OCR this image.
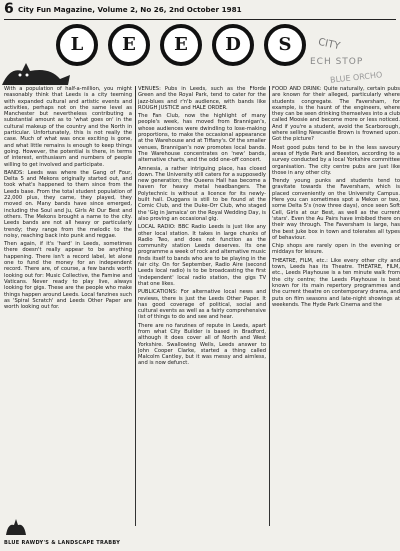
6 City Fun Magazine, Volume 2, No 26, 2nd October 1981
L	E	E	D	S	CITY
ECH STOP
BLUE ORCHO

With a population of half-a-million, you might reasonably think that Leeds is a city teeming with expanded cultural and artistic events and activities, perhaps not on the same level as Manchester but nevertheless contributing a substantial amount as to 'what goes on' in the cultural makeup of the country and the North in particular. Unfortunately, this is not really the case. Much of what was once exciting is gone, and what little remains is enough to keep things going. However, the potential is there, in terms of interest, enthusiasm and numbers of people willing to get involved and participate.

BANDS: Leeds was where the Gang of Four, Delta 5 and Mekons originally started out, and took what's happened to them since from the Leeds base. From the total student population of 22,000 plus, they came, they played, they moved on. Many bands have since emerged, including the Soul and Ju, Girls At Our Best and others. The Mekons brought a name to the city. Leeds bands are not all heavy or particularly trendy; they range from the melodic to the noisy, reaching back into punk and reggae.

Then again, if it's 'hard' in Leeds, sometimes there doesn't really appear to be anything happening. There isn't a record label, let alone one to fund the money for an independent record. There are, of course, a few bands worth looking out for: Music Collective, the Famine and Vaticans. Never ready to play live, always looking for gigs. These are the people who make things happen around Leeds. Local fanzines such as 'Spiral Scratch' and Leeds Other Paper are worth looking out for.

VENUES: Pubs in Leeds, such as the Fforde Green and the Royal Park, tend to cater for the jazz-blues and r'n'b audience, with bands like ROUGH JUSTICE and HALE ORDER.

The Fan Club, now the highlight of many people's week, has moved from Brannigan's, whose audiences were dwindling to lose-making proportions, to make the occasional appearance at the Warehouse and at Tiffany's. Of the smaller venues, Brannigan's now promotes local bands. The Warehouse concentrates on 'new' bands, alternative charts, and the odd one-off concert.

Amnesia, a rather intriguing place, has closed down. The University still caters for a supposedly new generation; the Queens Hall has become a haven for heavy metal headbangers. The Polytechnic is without a licence for its newly-built hall. Duggans is still to be found at the Comic Club, and the Duke-Orr Club, who staged the 'Gig in Jamaica' on the Royal Wedding Day, is also proving an occasional gig.

LOCAL RADIO: BBC Radio Leeds is just like any other local station. It takes in large chunks of Radio Two, and does not function as the community station Leeds deserves. Its one programme a week of rock and alternative music finds itself to bands who are to be playing in the fair city. On for September, Radio Aire (second Leeds local radio) is to be broadcasting the first 'independent' local radio station, the gigs TV that one likes.

PUBLICATIONS: For alternative local news and reviews, there is just the Leeds Other Paper. It has good coverage of political, social and cultural events as well as a fairly comprehensive list of things to do and see and hear.

There are no fanzines of repute in Leeds, apart from what City Builder is based in Bradford, although it does cover all of North and West Yorkshire. Swallowing Wells, Leeds answer to John Cooper Clarke, started a thing called Malcolm Cantley, but it was messy and aimless, and is now defunct.

FOOD AND DRINK: Quite naturally, certain pubs are known for their alleged, particularly where students congregate. The Faversham, for example, is the haunt of the engineers, where they can be seen drinking themselves into a club called Moosie and become more or less noticed. And if you're a student, avoid the Scarborough, where selling Newcastle Brown is frowned upon. Got the picture?

Most good pubs tend to be in the less savoury areas of Hyde Park and Beeston, according to a survey conducted by a local Yorkshire committee organisation. The city centre pubs are just like those in any other city.

Trendy young punks and students tend to gravitate towards the Faversham, which is placed conveniently on the University Campus. Here you can sometimes spot a Mekon or two, some Delta 5's (now three days), once seen Soft Cell, Girls at our Best, as well as the current 'stars'. Even the Au Pairs have imbibed there on their way through. The Faversham is large, has the best juke box in town and tolerates all types of behaviour.

Chip shops are rarely open in the evening or middays for leisure.

THEATRE, FILM, etc.: Like every other city and town, Leeds has its Theatre. THEATRE, FILM, etc., Leeds Playhouse is a ten minute walk from the city centre; the Leeds Playhouse is best known for its main repertory programmes and the current theatre on contemporary drama, and puts on film seasons and late-night showings at weekends. The Hyde Park Cinema and the

BLUE RAWDY'S & LANDSCAPE TRABBY
